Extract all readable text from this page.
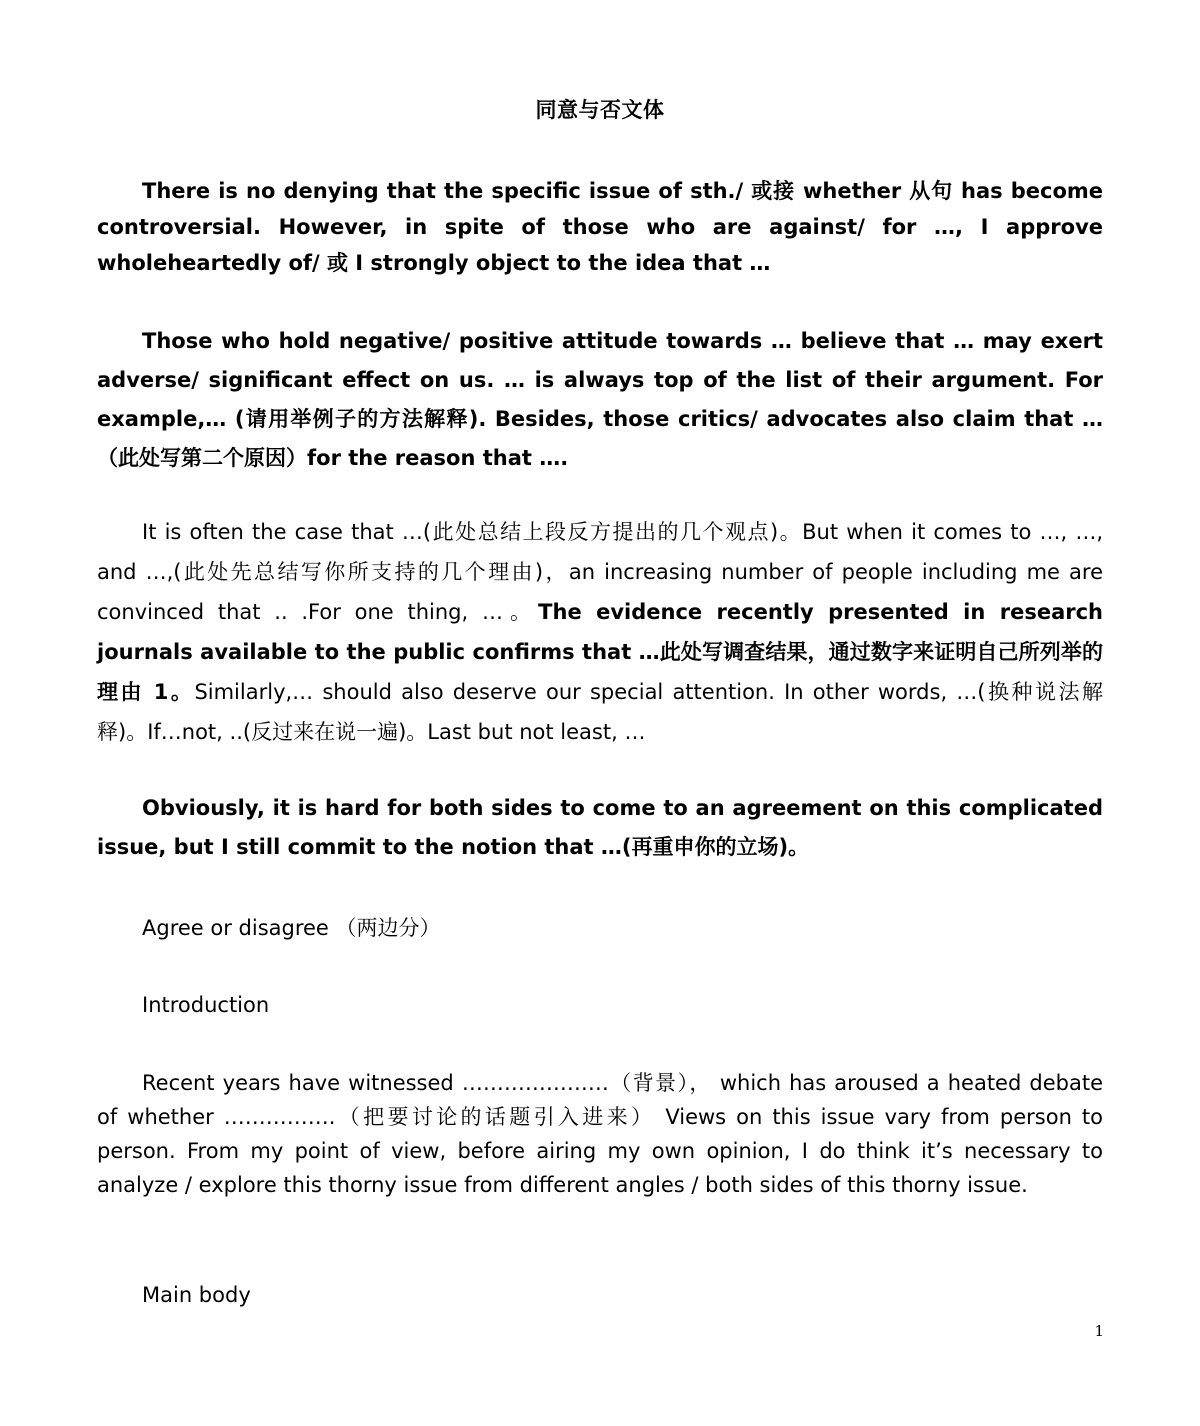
同意与否文体
There is no denying that the specific issue of sth./ 或接 whether 从句 has become controversial. However, in spite of those who are against/ for …, I approve wholeheartedly of/ 或 I strongly object to the idea that …
Those who hold negative/ positive attitude towards … believe that … may exert adverse/ significant effect on us. … is always top of the list of their argument. For example,… (请用举例子的方法解释). Besides, those critics/ advocates also claim that … （此处写第二个原因）for the reason that ….
It is often the case that …(此处总结上段反方提出的几个观点)。But when it comes to …, …, and …,(此处先总结写你所支持的几个理由)，an increasing number of people including me are convinced that .. .For one thing, …。The evidence recently presented in research journals available to the public confirms that …此处写调查结果，通过数字来证明自己所列举的理由 1。Similarly,… should also deserve our special attention. In other words, …(换种说法解释)。If…not, ..(反过来在说一遍)。Last but not least, …
Obviously, it is hard for both sides to come to an agreement on this complicated issue, but I still commit to the notion that …(再重申你的立场)。
Agree or disagree （两边分）
Introduction
Recent years have witnessed …………………（背景）， which has aroused a heated debate of whether …………….（把要讨论的话题引入进来） Views on this issue vary from person to person. From my point of view, before airing my own opinion, I do think it’s necessary to analyze / explore this thorny issue from different angles / both sides of this thorny issue.
Main body
1
